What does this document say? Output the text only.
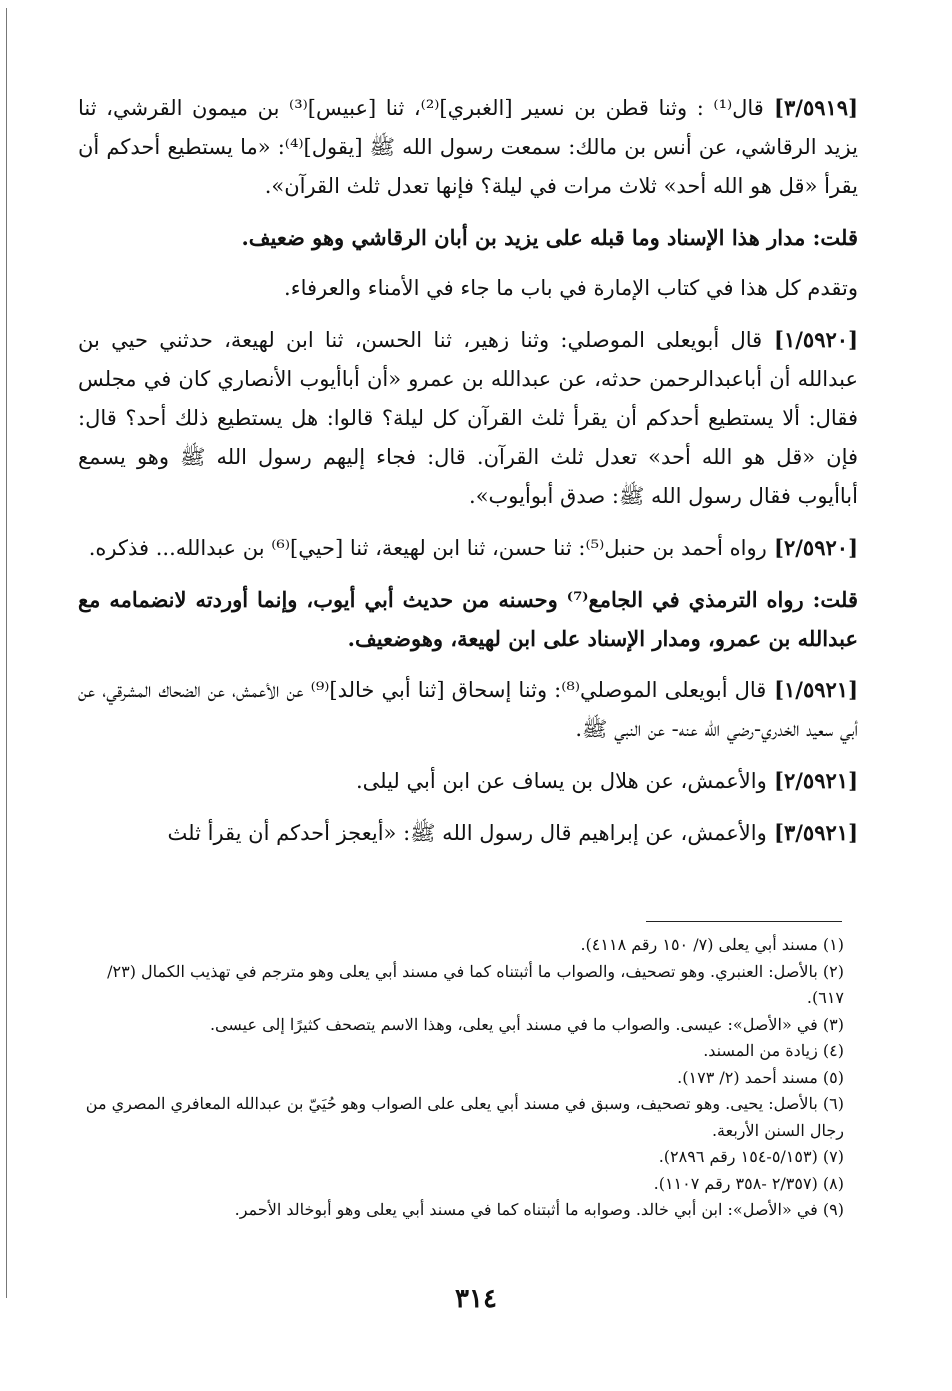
[٣/٥٩١٩] قال⁽¹⁾ : وثنا قطن بن نسير [الغبري]⁽²⁾، ثنا [عبيس]⁽³⁾ بن ميمون القرشي، ثنا يزيد الرقاشي، عن أنس بن مالك: سمعت رسول الله ﷺ [يقول]⁽⁴⁾: «ما يستطيع أحدكم أن يقرأ «قل هو الله أحد» ثلاث مرات في ليلة؟ فإنها تعدل ثلث القرآن».

قلت: مدار هذا الإسناد وما قبله على يزيد بن أبان الرقاشي وهو ضعيف.

وتقدم كل هذا في كتاب الإمارة في باب ما جاء في الأمناء والعرفاء.

[١/٥٩٢٠] قال أبويعلى الموصلي: وثنا زهير، ثنا الحسن، ثنا ابن لهيعة، حدثني حيي بن عبدالله أن أباعبدالرحمن حدثه، عن عبدالله بن عمرو «أن أباأيوب الأنصاري كان في مجلس فقال: ألا يستطيع أحدكم أن يقرأ ثلث القرآن كل ليلة؟ قالوا: هل يستطيع ذلك أحد؟ قال: فإن «قل هو الله أحد» تعدل ثلث القرآن. قال: فجاء إليهم رسول الله ﷺ وهو يسمع أباأيوب فقال رسول الله ﷺ: صدق أبوأيوب».

[٢/٥٩٢٠] رواه أحمد بن حنبل⁽⁵⁾: ثنا حسن، ثنا ابن لهيعة، ثنا [حيي]⁽⁶⁾ بن عبدالله... فذكره.

قلت: رواه الترمذي في الجامع⁽⁷⁾ وحسنه من حديث أبي أيوب، وإنما أوردته لانضمامه مع عبدالله بن عمرو، ومدار الإسناد على ابن لهيعة، وهوضعيف.

[١/٥٩٢١] قال أبويعلى الموصلي⁽⁸⁾: وثنا إسحاق [ثنا أبي خالد]⁽⁹⁾ عن الأعمش، عن الضحاك المشرقي، عن أبي سعيد الخدري-رضي الله عنه- عن النبي ﷺ.

[٢/٥٩٢١] والأعمش، عن هلال بن يساف عن ابن أبي ليلى.

[٣/٥٩٢١] والأعمش، عن إبراهيم قال رسول الله ﷺ: «أيعجز أحدكم أن يقرأ ثلث

(١) مسند أبي يعلى (٧/ ١٥٠ رقم ٤١١٨).

(٢) بالأصل: العنبري. وهو تصحيف، والصواب ما أثبتناه كما في مسند أبي يعلى وهو مترجم في تهذيب الكمال (٢٣/ ٦١٧).

(٣) في «الأصل»: عيسى. والصواب ما في مسند أبي يعلى، وهذا الاسم يتصحف كثيرًا إلى عيسى.

(٤) زيادة من المسند.

(٥) مسند أحمد (٢/ ١٧٣).

(٦) بالأصل: يحيى. وهو تصحيف، وسبق في مسند أبي يعلى على الصواب وهو حُيَيّ بن عبدالله المعافري المصري من رجال السنن الأربعة.

(٧) (٥/١٥٣-١٥٤ رقم ٢٨٩٦).

(٨) (٢/٣٥٧ -٣٥٨ رقم ١١٠٧).

(٩) في «الأصل»: ابن أبي خالد. وصوابه ما أثبتناه كما في مسند أبي يعلى وهو أبوخالد الأحمر.

٣١٤
